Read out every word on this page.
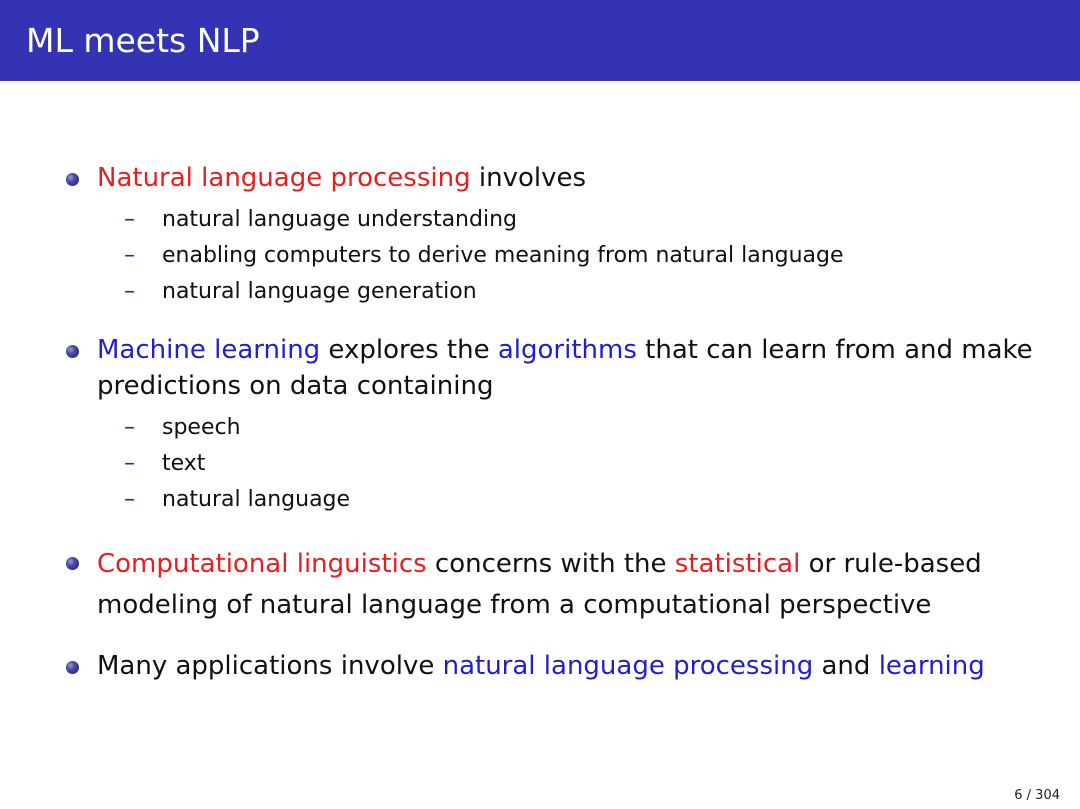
ML meets NLP

Natural language processing involves

– natural language understanding

– enabling computers to derive meaning from natural language

– natural language generation

Machine learning explores the algorithms that can learn from and make predictions on data containing

– speech

– text

– natural language

Computational linguistics concerns with the statistical or rule-based modeling of natural language from a computational perspective

Many applications involve natural language processing and learning

6 / 304
